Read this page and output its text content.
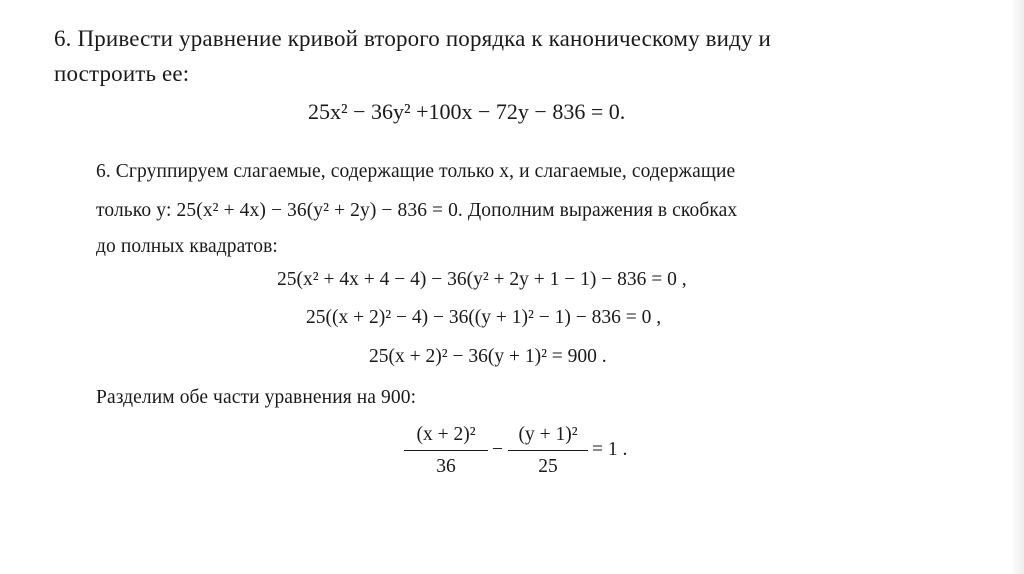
6. Привести уравнение кривой второго порядка к каноническому виду и
построить ее:
25x² − 36y² +100x − 72y − 836 = 0.
6. Сгруппируем слагаемые, содержащие только x, и слагаемые, содержащие
только y: 25(x² + 4x) − 36(y² + 2y) − 836 = 0. Дополним выражения в скобках
до полных квадратов:
25(x² + 4x + 4 − 4) − 36(y² + 2y + 1 − 1) − 836 = 0 ,
25((x + 2)² − 4) − 36((y + 1)² − 1) − 836 = 0 ,
25(x + 2)² − 36(y + 1)² = 900 .
Разделим обе части уравнения на 900:
(x + 2)²
36
−
(y + 1)²
25
= 1 .
